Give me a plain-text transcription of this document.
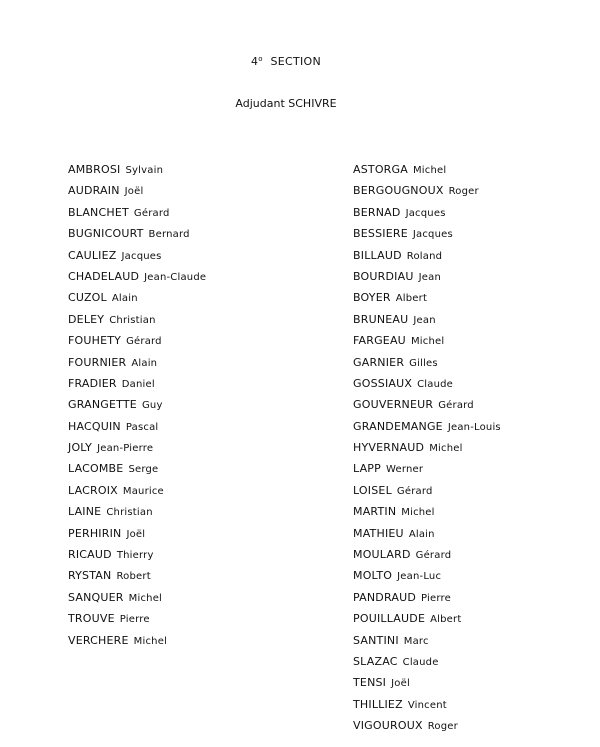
4$^o$ SECTION
Adjudant SCHIVRE
AMBROSI Sylvain
AUDRAIN Joël
BLANCHET Gérard
BUGNICOURT Bernard
CAULIEZ Jacques
CHADELAUD Jean-Claude
CUZOL Alain
DELEY Christian
FOUHETY Gérard
FOURNIER Alain
FRADIER Daniel
GRANGETTE Guy
HACQUIN Pascal
JOLY Jean-Pierre
LACOMBE Serge
LACROIX Maurice
LAINE Christian
PERHIRIN Joël
RICAUD Thierry
RYSTAN Robert
SANQUER Michel
TROUVE Pierre
VERCHERE Michel
ASTORGA Michel
BERGOUGNOUX Roger
BERNAD Jacques
BESSIERE Jacques
BILLAUD Roland
BOURDIAU Jean
BOYER Albert
BRUNEAU Jean
FARGEAU Michel
GARNIER Gilles
GOSSIAUX Claude
GOUVERNEUR Gérard
GRANDEMANGE Jean-Louis
HYVERNAUD Michel
LAPP Werner
LOISEL Gérard
MARTIN Michel
MATHIEU Alain
MOULARD Gérard
MOLTO Jean-Luc
PANDRAUD Pierre
POUILLAUDE Albert
SANTINI Marc
SLAZAC Claude
TENSI Joël
THILLIEZ Vincent
VIGOUROUX Roger
